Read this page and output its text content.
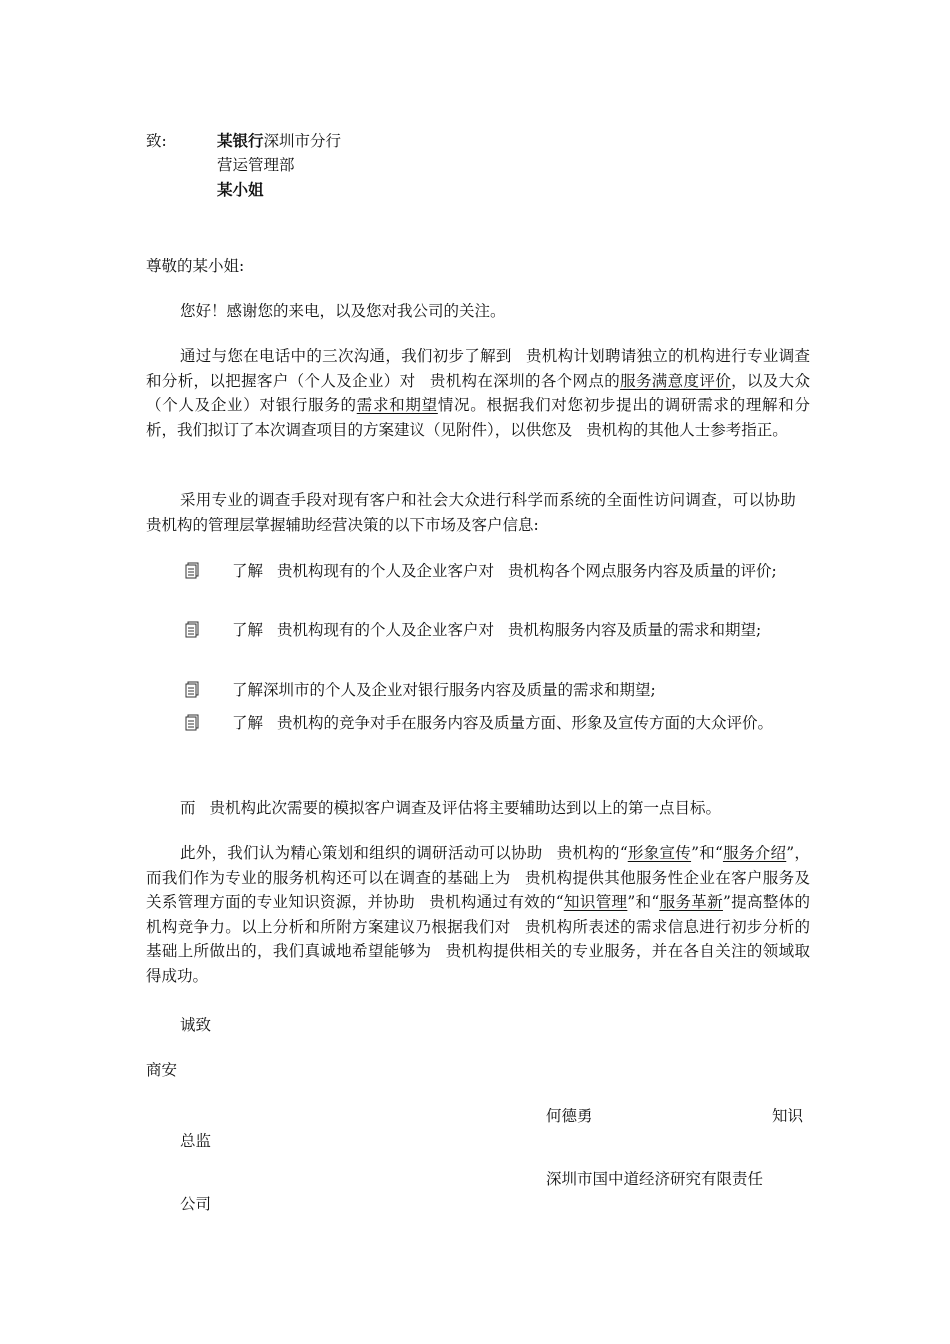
致:	某银行深圳市分行
营运管理部
某小姐
尊敬的某小姐:
您好！感谢您的来电，以及您对我公司的关注。
通过与您在电话中的三次沟通，我们初步了解到 贵机构计划聘请独立的机构进行专业调查和分析，以把握客户（个人及企业）对 贵机构在深圳的各个网点的服务满意度评价，以及大众（个人及企业）对银行服务的需求和期望情况。根据我们对您初步提出的调研需求的理解和分析，我们拟订了本次调查项目的方案建议（见附件），以供您及 贵机构的其他人士参考指正。
采用专业的调查手段对现有客户和社会大众进行科学而系统的全面性访问调查，可以协助贵机构的管理层掌握辅助经营决策的以下市场及客户信息:
了解 贵机构现有的个人及企业客户对 贵机构各个网点服务内容及质量的评价;
了解 贵机构现有的个人及企业客户对 贵机构服务内容及质量的需求和期望;
了解深圳市的个人及企业对银行服务内容及质量的需求和期望;
了解 贵机构的竞争对手在服务内容及质量方面、形象及宣传方面的大众评价。
而 贵机构此次需要的模拟客户调查及评估将主要辅助达到以上的第一点目标。
此外，我们认为精心策划和组织的调研活动可以协助 贵机构的“形象宣传”和“服务介绍”，而我们作为专业的服务机构还可以在调查的基础上为 贵机构提供其他服务性企业在客户服务及关系管理方面的专业知识资源，并协助 贵机构通过有效的“知识管理”和“服务革新”提高整体的机构竞争力。以上分析和所附方案建议乃根据我们对 贵机构所表述的需求信息进行初步分析的基础上所做出的，我们真诚地希望能够为 贵机构提供相关的专业服务，并在各自关注的领域取得成功。
诚致
商安
何德勇	知识
总监
深圳市国中道经济研究有限责任
公司
